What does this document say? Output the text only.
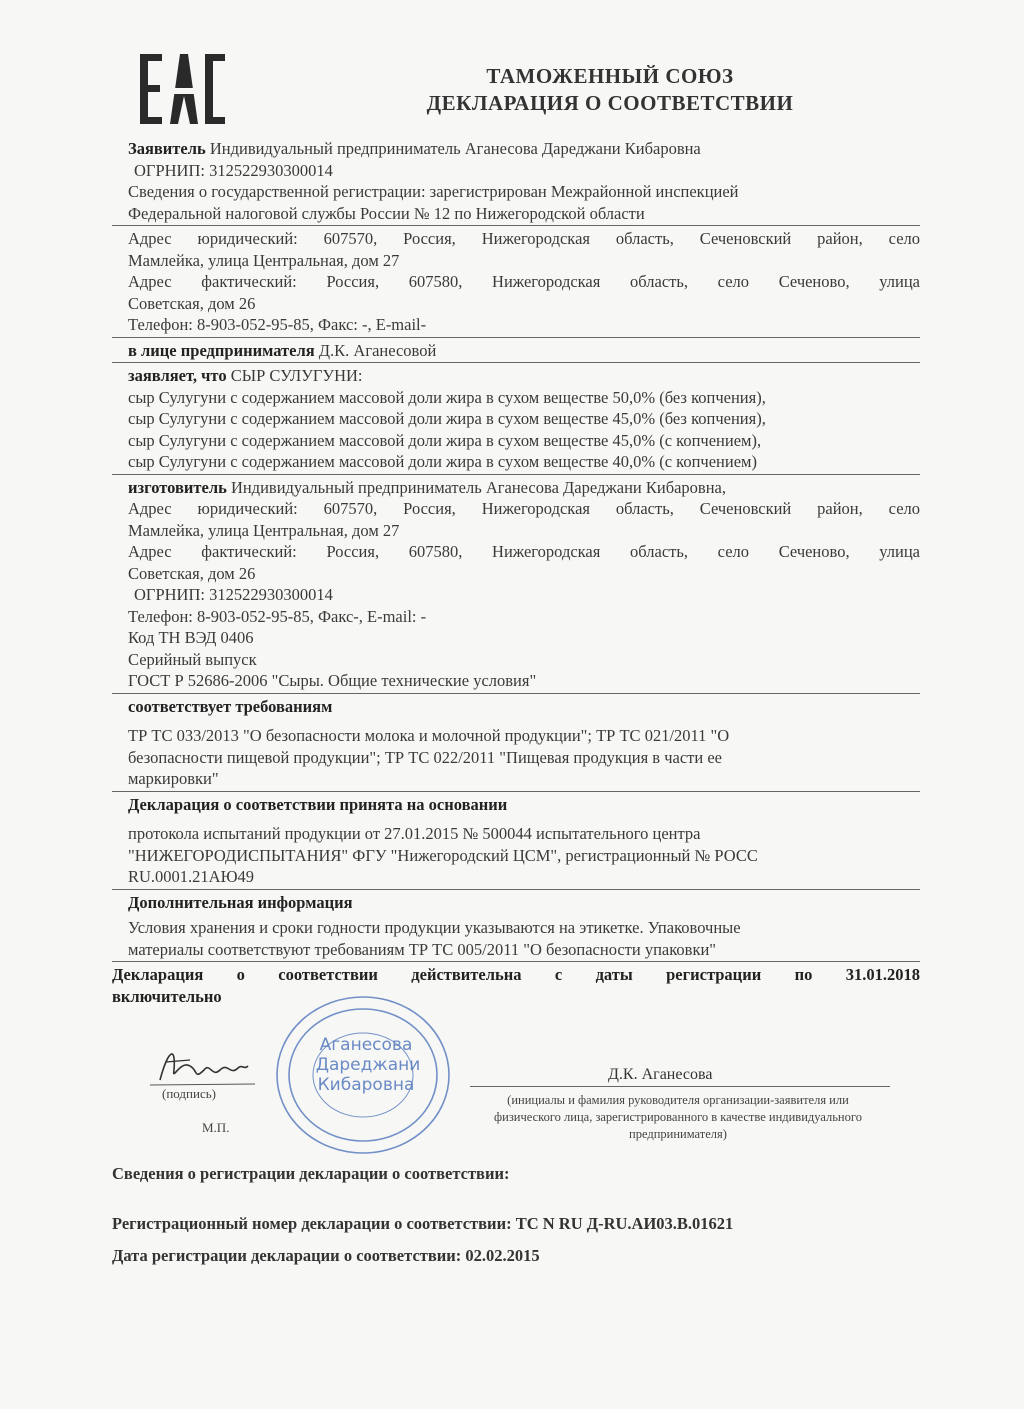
ТАМОЖЕННЫЙ СОЮЗ
ДЕКЛАРАЦИЯ О СООТВЕТСТВИИ
Заявитель Индивидуальный предприниматель Аганесова Дареджани Кибаровна
ОГРНИП: 312522930300014
Сведения о государственной регистрации: зарегистрирован Межрайонной инспекцией
Федеральной налоговой службы России № 12 по Нижегородской области
Адрес юридический: 607570, Россия, Нижегородская область, Сеченовский район, село
Мамлейка, улица Центральная, дом 27
Адрес фактический: Россия, 607580, Нижегородская область, село Сеченово, улица
Советская, дом 26
Телефон: 8-903-052-95-85, Факс: -, E-mail-
в лице предпринимателя Д.К. Аганесовой
заявляет, что СЫР СУЛУГУНИ:
сыр Сулугуни с содержанием массовой доли жира в сухом веществе 50,0% (без копчения),
сыр Сулугуни с содержанием массовой доли жира в сухом веществе 45,0% (без копчения),
сыр Сулугуни с содержанием массовой доли жира в сухом веществе 45,0% (с копчением),
сыр Сулугуни с содержанием массовой доли жира в сухом веществе 40,0% (с копчением)
изготовитель Индивидуальный предприниматель Аганесова Дареджани Кибаровна,
Адрес юридический: 607570, Россия, Нижегородская область, Сеченовский район, село
Мамлейка, улица Центральная, дом 27
Адрес фактический: Россия, 607580, Нижегородская область, село Сеченово, улица
Советская, дом 26
ОГРНИП: 312522930300014
Телефон: 8-903-052-95-85, Факс-, E-mail: -
Код ТН ВЭД 0406
Серийный выпуск
ГОСТ Р 52686-2006 "Сыры. Общие технические условия"
соответствует требованиям
ТР ТС 033/2013 "О безопасности молока и молочной продукции"; ТР ТС 021/2011 "О
безопасности пищевой продукции"; ТР ТС 022/2011 "Пищевая продукция в части ее
маркировки"
Декларация о соответствии принята на основании
протокола испытаний продукции от 27.01.2015 № 500044 испытательного центра
"НИЖЕГОРОДИСПЫТАНИЯ" ФГУ "Нижегородский ЦСМ", регистрационный № РОСС
RU.0001.21АЮ49
Дополнительная информация
Условия хранения и сроки годности продукции указываются на этикетке. Упаковочные
материалы соответствуют требованиям ТР ТС 005/2011 "О безопасности упаковки"
Декларация о соответствии действительна с даты регистрации по 31.01.2018
включительно
Аганесова
Дареджани
Кибаровна
(подпись)
М.П.
Д.К. Аганесова
(инициалы и фамилия руководителя организации-заявителя или
физического лица, зарегистрированного в качестве индивидуального
предпринимателя)
Сведения о регистрации декларации о соответствии:
Регистрационный номер декларации о соответствии: ТС N RU Д-RU.АИ03.В.01621
Дата регистрации декларации о соответствии: 02.02.2015
